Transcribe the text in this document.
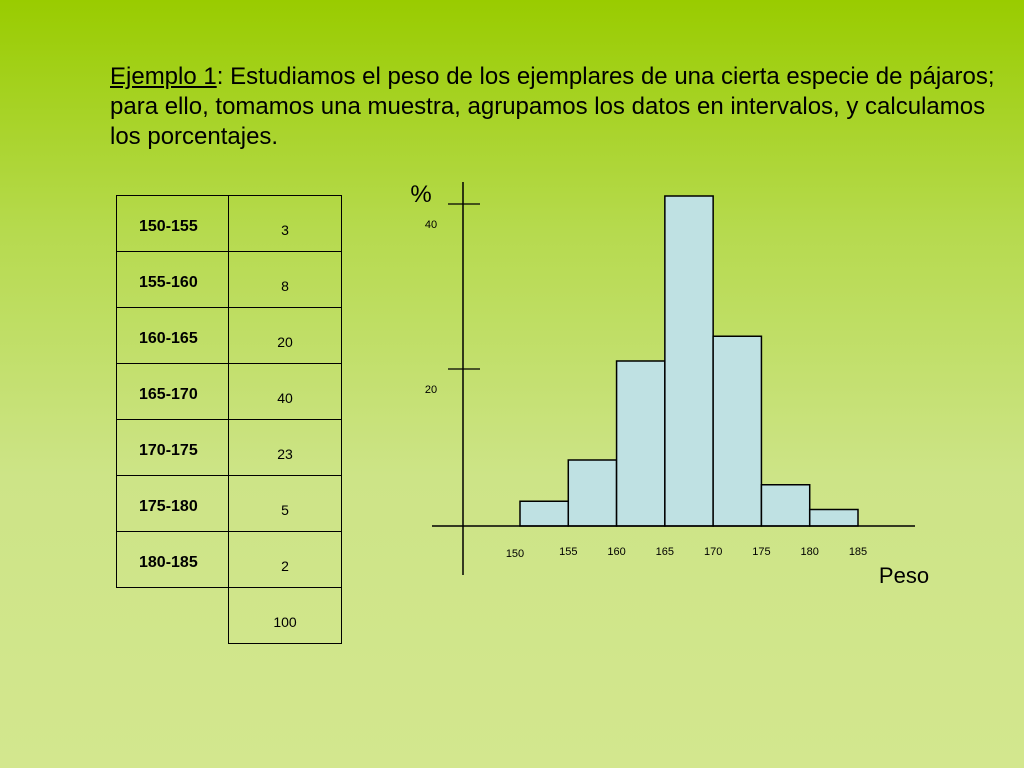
Ejemplo 1: Estudiamos el peso de los ejemplares de una cierta especie de pájaros; para ello, tomamos una muestra, agrupamos los datos en intervalos, y calculamos los porcentajes.
150-155	3
155-160	8
160-165	20
165-170	40
170-175	23
175-180	5
180-185	2
	100
20
40
150	155	160	165	170	175	180	185
%
Peso
